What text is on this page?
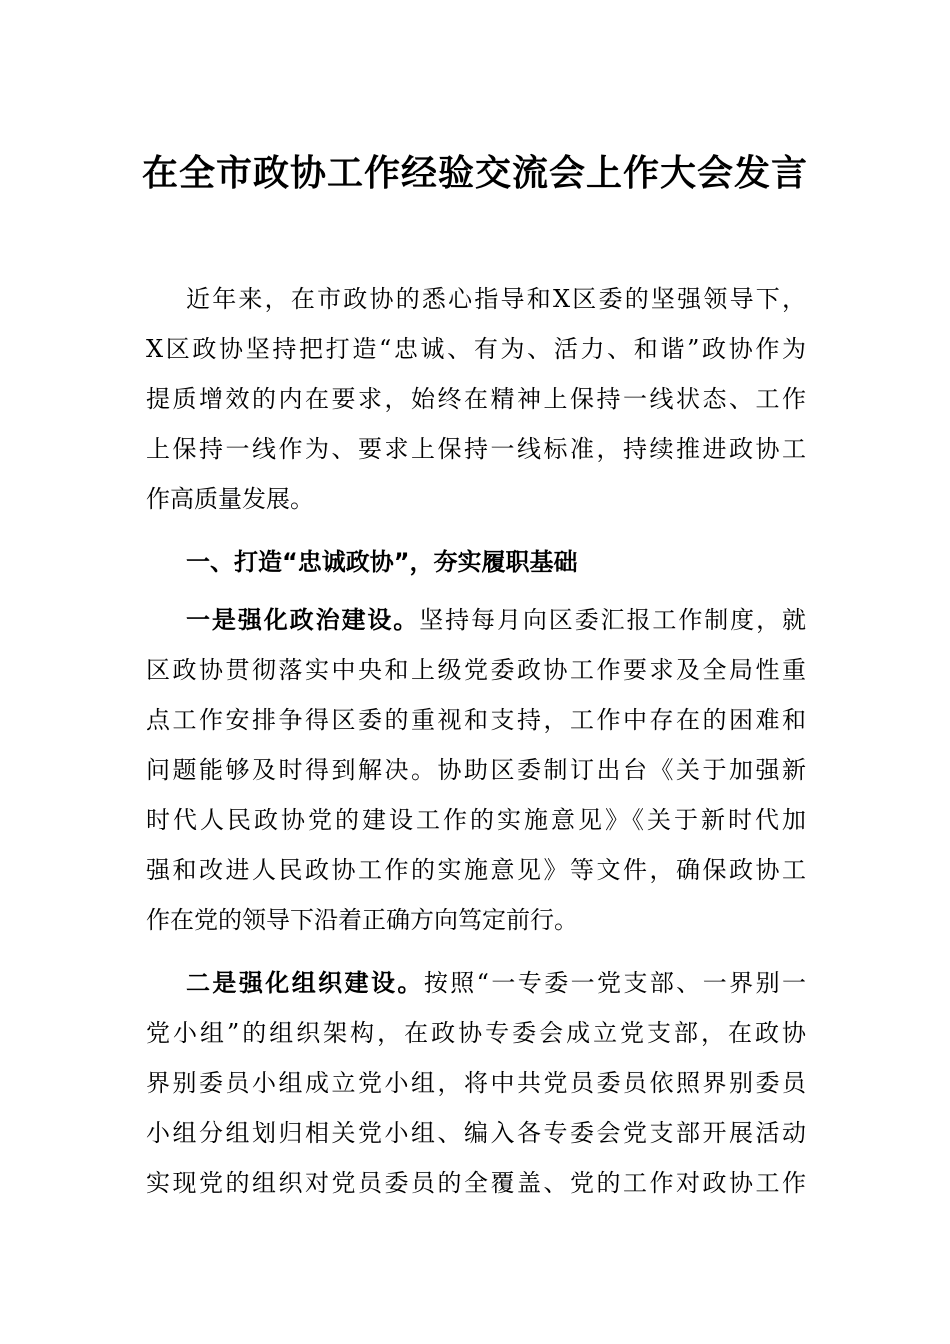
在全市政协工作经验交流会上作大会发言
近年来，在市政协的悉心指导和X区委的坚强领导下，
X区政协坚持把打造“忠诚、有为、活力、和谐”政协作为
提质增效的内在要求，始终在精神上保持一线状态、工作
上保持一线作为、要求上保持一线标准，持续推进政协工
作高质量发展。
一、打造“忠诚政协”，夯实履职基础
一是强化政治建设。坚持每月向区委汇报工作制度，就
区政协贯彻落实中央和上级党委政协工作要求及全局性重
点工作安排争得区委的重视和支持，工作中存在的困难和
问题能够及时得到解决。协助区委制订出台《关于加强新
时代人民政协党的建设工作的实施意见》《关于新时代加
强和改进人民政协工作的实施意见》等文件，确保政协工
作在党的领导下沿着正确方向笃定前行。
二是强化组织建设。按照“一专委一党支部、一界别一
党小组”的组织架构，在政协专委会成立党支部，在政协
界别委员小组成立党小组，将中共党员委员依照界别委员
小组分组划归相关党小组、编入各专委会党支部开展活动
实现党的组织对党员委员的全覆盖、党的工作对政协工作
